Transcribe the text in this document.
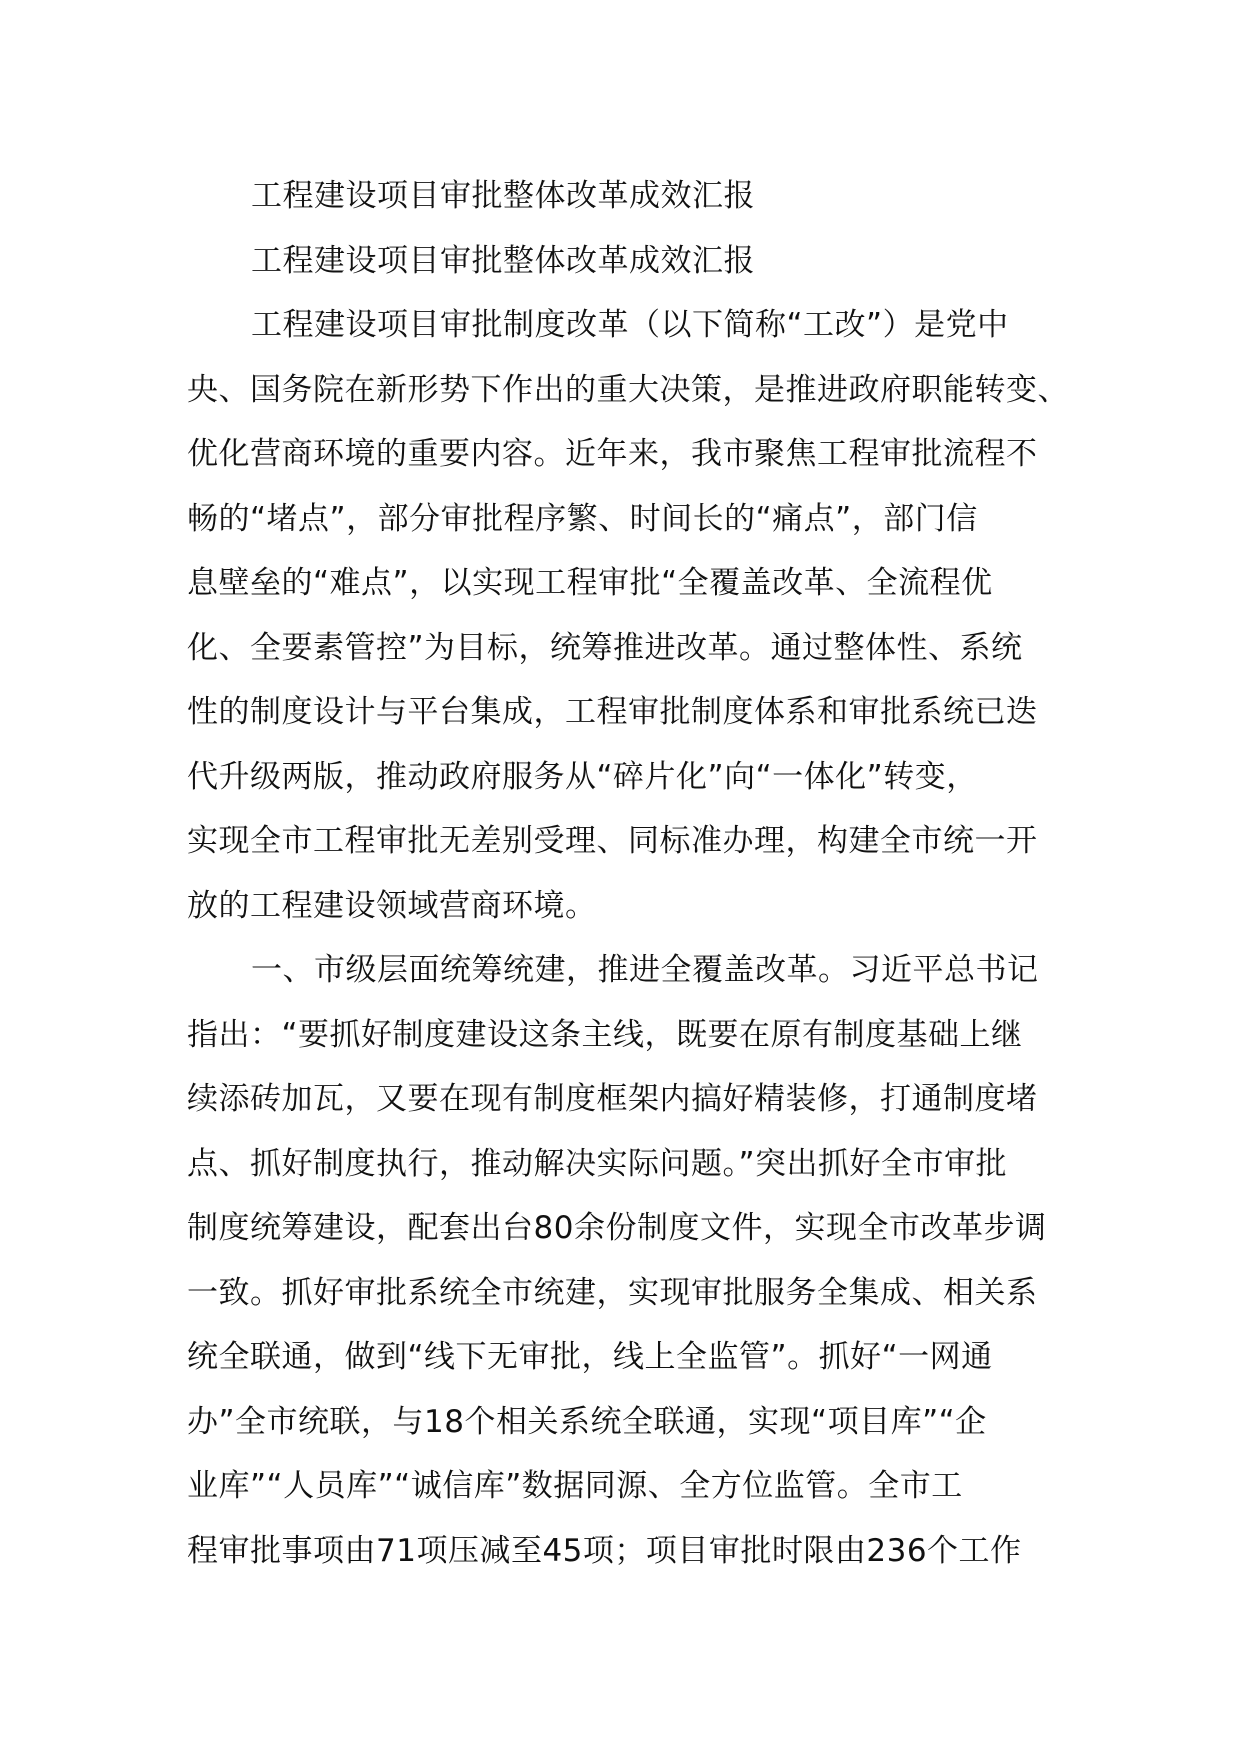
工程建设项目审批整体改革成效汇报
工程建设项目审批整体改革成效汇报
工程建设项目审批制度改革（以下简称“工改”）是党中
央、国务院在新形势下作出的重大决策，是推进政府职能转变、
优化营商环境的重要内容。近年来，我市聚焦工程审批流程不
畅的“堵点”，部分审批程序繁、时间长的“痛点”，部门信
息壁垒的“难点”，以实现工程审批“全覆盖改革、全流程优
化、全要素管控”为目标，统筹推进改革。通过整体性、系统
性的制度设计与平台集成，工程审批制度体系和审批系统已迭
代升级两版，推动政府服务从“碎片化”向“一体化”转变，
实现全市工程审批无差别受理、同标准办理，构建全市统一开
放的工程建设领域营商环境。
一、市级层面统筹统建，推进全覆盖改革。习近平总书记
指出：“要抓好制度建设这条主线，既要在原有制度基础上继
续添砖加瓦，又要在现有制度框架内搞好精装修，打通制度堵
点、抓好制度执行，推动解决实际问题。”突出抓好全市审批
制度统筹建设，配套出台80余份制度文件，实现全市改革步调
一致。抓好审批系统全市统建，实现审批服务全集成、相关系
统全联通，做到“线下无审批，线上全监管”。抓好“一网通
办”全市统联，与18个相关系统全联通，实现“项目库”“企
业库”“人员库”“诚信库”数据同源、全方位监管。全市工
程审批事项由71项压减至45项；项目审批时限由236个工作
